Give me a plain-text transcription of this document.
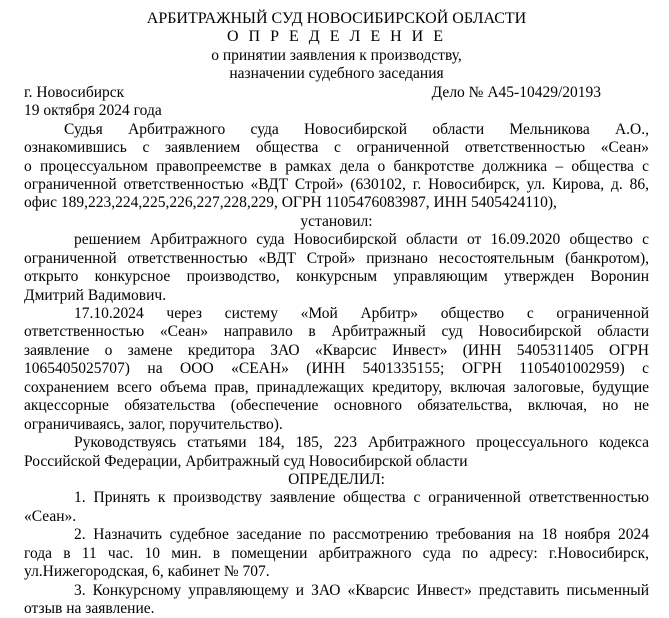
АРБИТРАЖНЫЙ СУД НОВОСИБИРСКОЙ ОБЛАСТИ
О П Р Е Д Е Л Е Н И Е
о принятии заявления к производству,
назначении судебного заседания
г. Новосибирск	Дело № А45-10429/20193
19 октября 2024 года
Судья Арбитражного суда Новосибирской области Мельникова А.О.,
ознакомившись с заявлением общества с ограниченной ответственностью «Сеан»
о процессуальном правопреемстве в рамках дела о банкротстве должника – общества с
ограниченной ответственностью «ВДТ Строй» (630102, г. Новосибирск, ул. Кирова, д. 86,
офис 189,223,224,225,226,227,228,229, ОГРН 1105476083987, ИНН 5405424110),
установил:
решением Арбитражного суда Новосибирской области от 16.09.2020 общество с
ограниченной ответственностью «ВДТ Строй» признано несостоятельным (банкротом),
открыто конкурсное производство, конкурсным управляющим утвержден Воронин
Дмитрий Вадимович.
17.10.2024 через систему «Мой Арбитр» общество с ограниченной
ответственностью «Сеан» направило в Арбитражный суд Новосибирской области
заявление о замене кредитора ЗАО «Кварсис Инвест» (ИНН 5405311405 ОГРН
1065405025707) на ООО «СЕАН» (ИНН 5401335155; ОГРН 1105401002959) с
сохранением всего объема прав, принадлежащих кредитору, включая залоговые, будущие
акцессорные обязательства (обеспечение основного обязательства, включая, но не
ограничиваясь, залог, поручительство).
Руководствуясь статьями 184, 185, 223 Арбитражного процессуального кодекса
Российской Федерации, Арбитражный суд Новосибирской области
ОПРЕДЕЛИЛ:
1. Принять к производству заявление общества с ограниченной ответственностью
«Сеан».
2. Назначить судебное заседание по рассмотрению требования на 18 ноября 2024
года в 11 час. 10 мин. в помещении арбитражного суда по адресу: г.Новосибирск,
ул.Нижегородская, 6, кабинет № 707.
3. Конкурсному управляющему и ЗАО «Кварсис Инвест» представить письменный
отзыв на заявление.
